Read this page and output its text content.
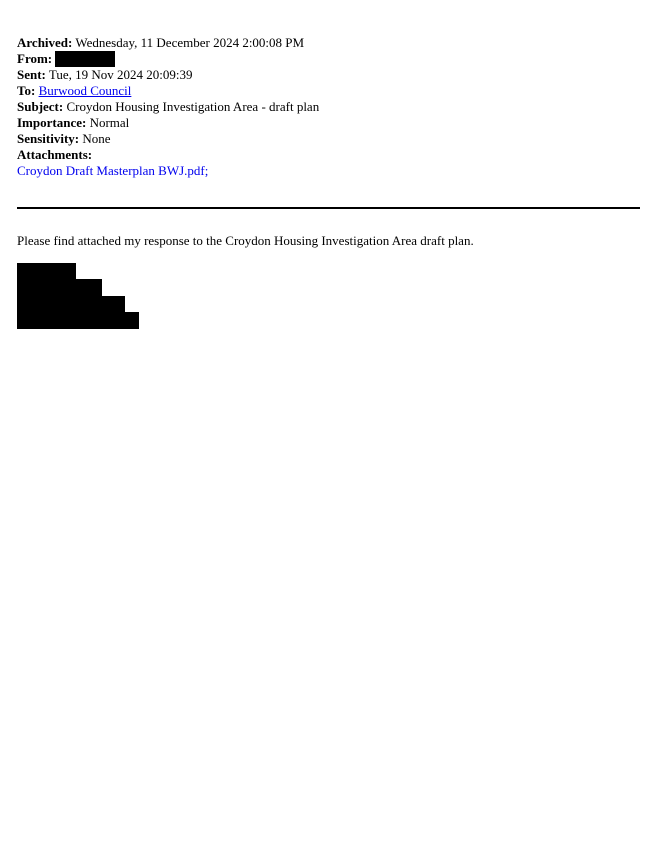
Archived: Wednesday, 11 December 2024 2:00:08 PM
From:
Sent: Tue, 19 Nov 2024 20:09:39
To: Burwood Council
Subject: Croydon Housing Investigation Area - draft plan
Importance: Normal
Sensitivity: None
Attachments:
Croydon Draft Masterplan BWJ.pdf;
Please find attached my response to the Croydon Housing Investigation Area draft plan.
